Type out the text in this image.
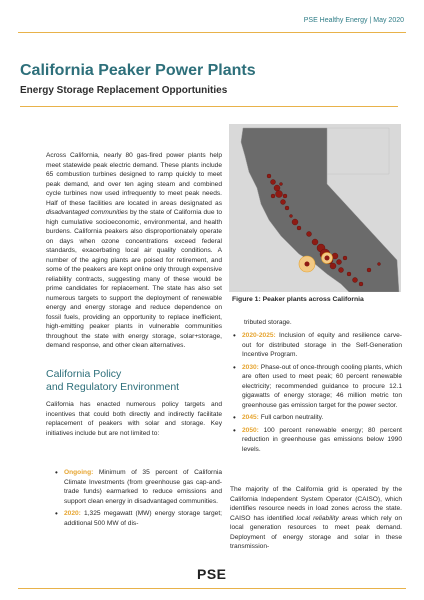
PSE Healthy Energy | May 2020
California Peaker Power Plants
Energy Storage Replacement Opportunities

Across California, nearly 80 gas-fired power plants help meet statewide peak electric demand. These plants include 65 combustion turbines designed to ramp quickly to meet peak demand, and over ten aging steam and combined cycle turbines now used infrequently to meet peak needs. Half of these facilities are located in areas designated as disadvantaged communities by the state of California due to high cumulative socioeconomic, environmental, and health burdens. California peakers also disproportionately operate on days when ozone concentrations exceed federal standards, exacerbating local air quality conditions. A number of the aging plants are poised for retirement, and some of the peakers are kept online only through expensive reliability contracts, suggesting many of these would be prime candidates for replacement. The state has also set numerous targets to support the deployment of renewable energy and energy storage and reduce dependence on fossil fuels, providing an opportunity to replace inefficient, high-emitting peaker plants in vulnerable communities throughout the state with energy storage, solar+storage, demand response, and other clean alternatives.

California Policy
and Regulatory Environment

California has enacted numerous policy targets and incentives that could both directly and indirectly facilitate replacement of peakers with solar and storage. Key initiatives include but are not limited to:

• Ongoing: Minimum of 35 percent of California Climate Investments (from greenhouse gas cap-and-trade funds) earmarked to reduce emissions and support clean energy in disadvantaged communities.
• 2020: 1,325 megawatt (MW) energy storage target; additional 500 MW of dis-
Figure 1: Peaker plants across California

tributed storage.

• 2020-2025: Inclusion of equity and resilience carve-out for distributed storage in the Self-Generation Incentive Program.
• 2030: Phase-out of once-through cooling plants, which are often used to meet peak; 60 percent renewable electricity; recommended guidance to procure 12.1 gigawatts of energy storage; 46 million metric ton greenhouse gas emission target for the power sector.
• 2045: Full carbon neutrality.
• 2050: 100 percent renewable energy; 80 percent reduction in greenhouse gas emissions below 1990 levels.

The majority of the California grid is operated by the California Independent System Operator (CAISO), which identifies resource needs in load zones across the state. CAISO has identified local reliability areas which rely on local generation resources to meet peak demand. Deployment of energy storage and solar in these transmission-

PSE
